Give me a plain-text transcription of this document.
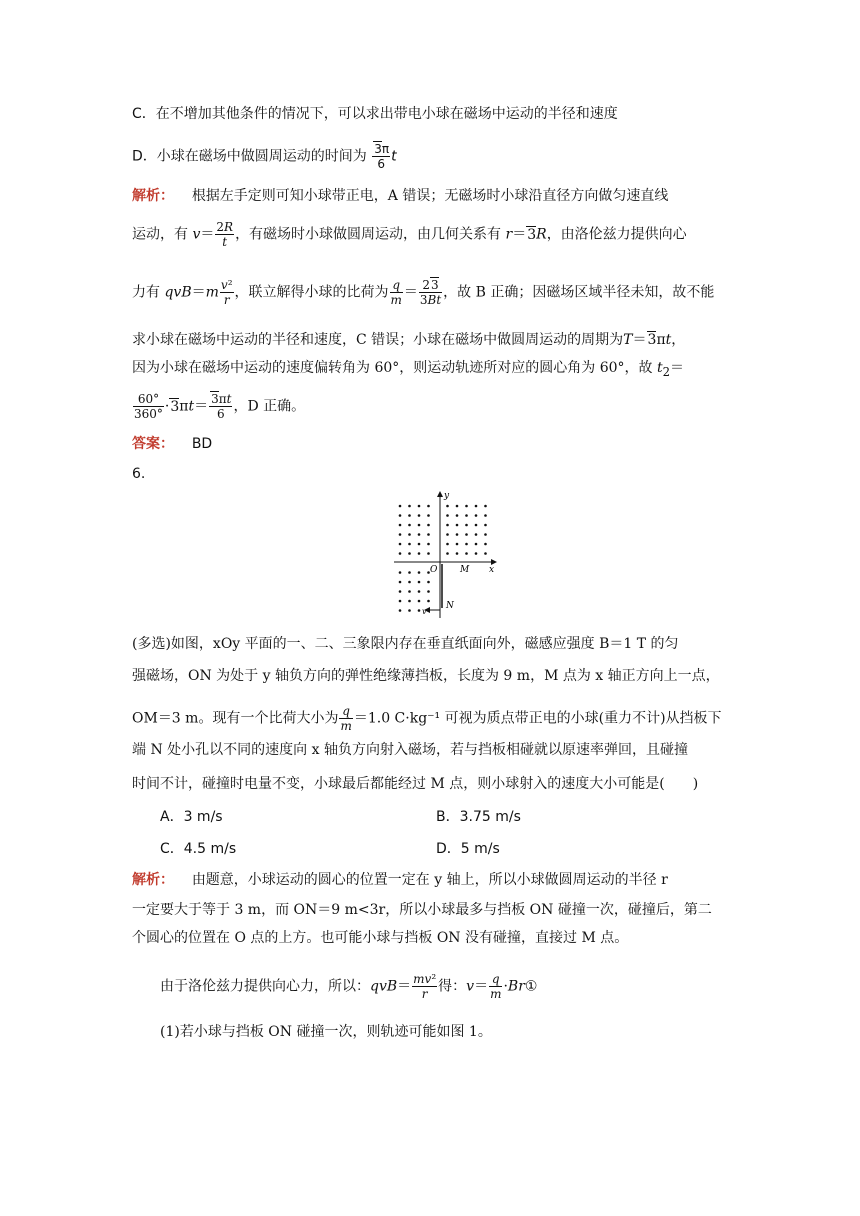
C．在不增加其他条件的情况下，可以求出带电小球在磁场中运动的半径和速度
D．小球在磁场中做圆周运动的时间为 $\frac{3\pi}{6}$ t
解析： 根据左手定则可知小球带正电，A 错误；无磁场时小球沿直径方向做匀速直线
运动，有 $v= \frac{2R}{t}$ ，有磁场时小球做圆周运动，由几何关系有 r＝3R，由洛伦兹力提供向心
力有 $qvB=m \frac{\text{v²}}{r}$ ，联立解得小球的比荷为 $\frac{q}{m} = \frac{23}{3Bt}$ ，故 B 正确；因磁场区域半径未知，故不能
求小球在磁场中运动的半径和速度，C 错误；小球在磁场中做圆周运动的周期为T＝3πt，
因为小球在磁场中运动的速度偏转角为 60°，则运动轨迹所对应的圆心角为 60°，故 $t_2=$
$\frac{60^\circ}{360^\circ} \cdot 3\pi t= \frac{3\pi t}{6}$ ，D 正确。
答案： BD
6.
y
x
O	M
N
v
(多选)如图，xOy 平面的一、二、三象限内存在垂直纸面向外，磁感应强度 B＝1 T 的匀
强磁场，ON 为处于 y 轴负方向的弹性绝缘薄挡板，长度为 9 m，M 点为 x 轴正方向上一点，
OM＝3 m。现有一个比荷大小为 $\frac{q}{m} =1.0$ C·kg⁻¹ 可视为质点带正电的小球(重力不计)从挡板下
端 N 处小孔以不同的速度向 x 轴负方向射入磁场，若与挡板相碰就以原速率弹回，且碰撞
时间不计，碰撞时电量不变，小球最后都能经过 M 点，则小球射入的速度大小可能是(　　)
A．3 m/s	B．3.75 m/s
C．4.5 m/s	D．5 m/s
解析： 由题意，小球运动的圆心的位置一定在 y 轴上，所以小球做圆周运动的半径 r
一定要大于等于 3 m，而 ON＝9 m<3r，所以小球最多与挡板 ON 碰撞一次，碰撞后，第二
个圆心的位置在 O 点的上方。也可能小球与挡板 ON 没有碰撞，直接过 M 点。
由于洛伦兹力提供向心力，所以：$qvB= \frac{\text{mv²}}{r}$ 得：$v= \frac{q}{m}$ ·Br①
(1)若小球与挡板 ON 碰撞一次，则轨迹可能如图 1。
